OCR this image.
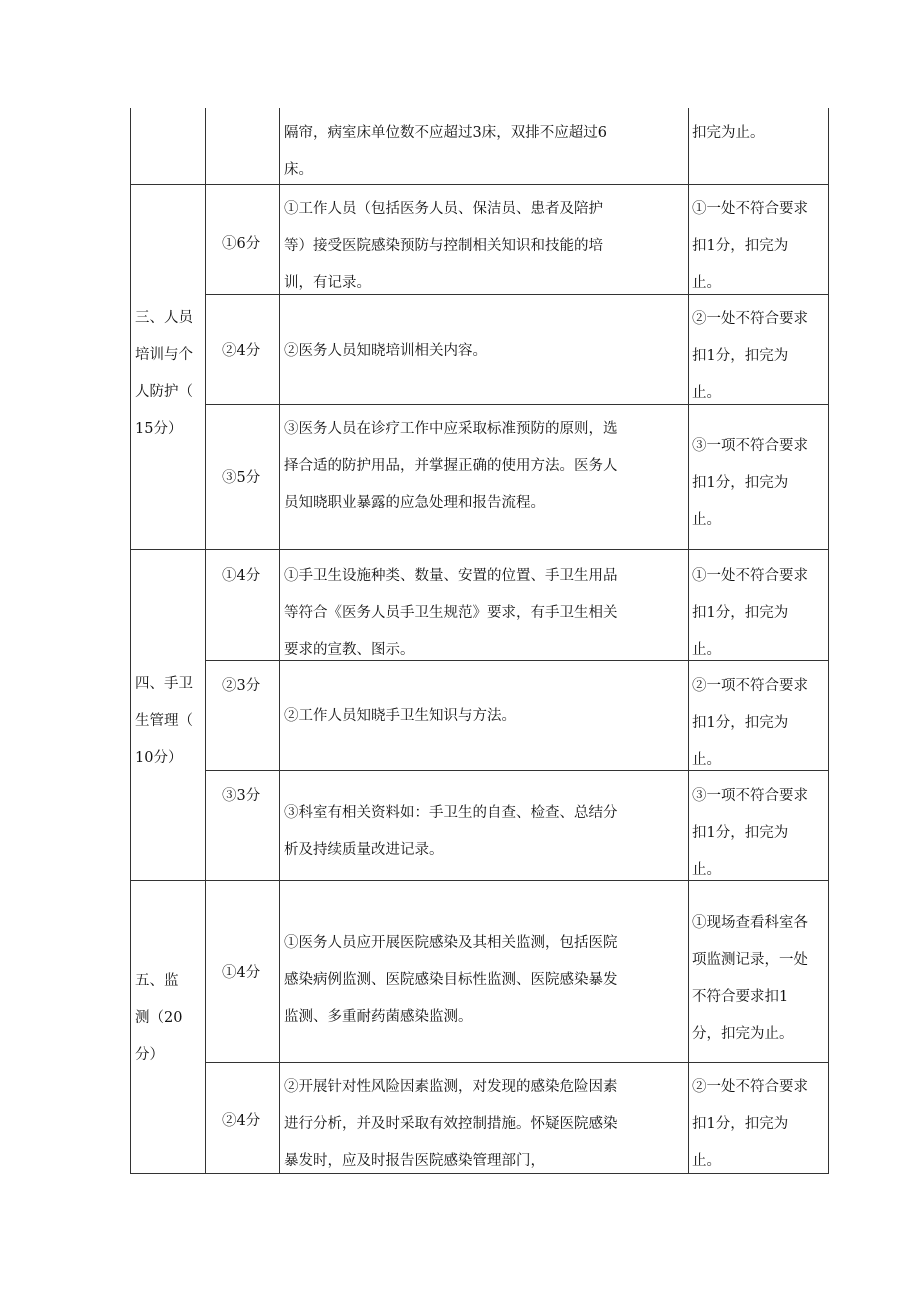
隔帘，病室床单位数不应超过3床，双排不应超过6
床。
扣完为止。
三、人员
培训与个
人防护（
15分）
①6分
①工作人员（包括医务人员、保洁员、患者及陪护
等）接受医院感染预防与控制相关知识和技能的培
训，有记录。
①一处不符合要求
扣1分，扣完为
止。
②4分 ②医务人员知晓培训相关内容。
②一处不符合要求
扣1分，扣完为
止。
③5分
③医务人员在诊疗工作中应采取标准预防的原则，选
择合适的防护用品，并掌握正确的使用方法。医务人
员知晓职业暴露的应急处理和报告流程。
③一项不符合要求
扣1分，扣完为
止。
四、手卫
生管理（
10分）
①4分 ①手卫生设施种类、数量、安置的位置、手卫生用品
等符合《医务人员手卫生规范》要求，有手卫生相关
要求的宣教、图示。
①一处不符合要求
扣1分，扣完为
止。
②3分
②工作人员知晓手卫生知识与方法。
②一项不符合要求
扣1分，扣完为
止。
③3分
③科室有相关资料如：手卫生的自查、检查、总结分
析及持续质量改进记录。
③一项不符合要求
扣1分，扣完为
止。
五、监
测（20
分）
①4分
①医务人员应开展医院感染及其相关监测，包括医院
感染病例监测、医院感染目标性监测、医院感染暴发
监测、多重耐药菌感染监测。
①现场查看科室各
项监测记录，一处
不符合要求扣1
分，扣完为止。
②4分
②开展针对性风险因素监测，对发现的感染危险因素
进行分析，并及时采取有效控制措施。怀疑医院感染
暴发时，应及时报告医院感染管理部门，
②一处不符合要求
扣1分，扣完为
止。
